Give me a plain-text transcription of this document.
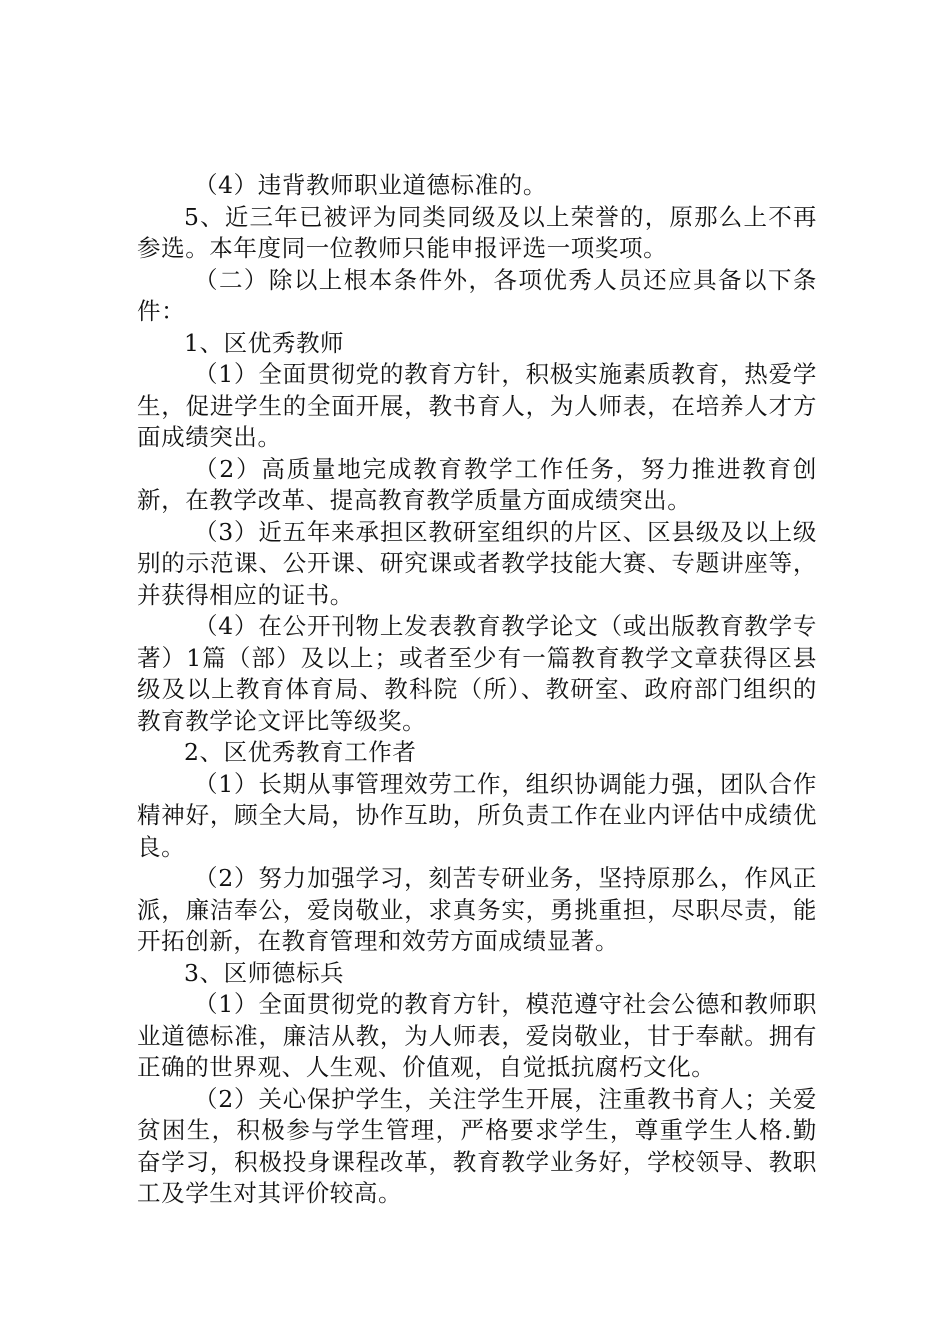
（4）违背教师职业道德标准的。

5、近三年已被评为同类同级及以上荣誉的，原那么上不再参选。本年度同一位教师只能申报评选一项奖项。

（二）除以上根本条件外，各项优秀人员还应具备以下条件：

1、区优秀教师

（1）全面贯彻党的教育方针，积极实施素质教育，热爱学生，促进学生的全面开展，教书育人，为人师表，在培养人才方面成绩突出。

（2）高质量地完成教育教学工作任务，努力推进教育创新，在教学改革、提高教育教学质量方面成绩突出。

（3）近五年来承担区教研室组织的片区、区县级及以上级别的示范课、公开课、研究课或者教学技能大赛、专题讲座等，并获得相应的证书。

（4）在公开刊物上发表教育教学论文（或出版教育教学专著）1篇（部）及以上；或者至少有一篇教育教学文章获得区县级及以上教育体育局、教科院（所）、教研室、政府部门组织的教育教学论文评比等级奖。

2、区优秀教育工作者

（1）长期从事管理效劳工作，组织协调能力强，团队合作精神好，顾全大局，协作互助，所负责工作在业内评估中成绩优良。

（2）努力加强学习，刻苦专研业务，坚持原那么，作风正派，廉洁奉公，爱岗敬业，求真务实，勇挑重担，尽职尽责，能开拓创新，在教育管理和效劳方面成绩显著。

3、区师德标兵

（1）全面贯彻党的教育方针，模范遵守社会公德和教师职业道德标准，廉洁从教，为人师表，爱岗敬业，甘于奉献。拥有正确的世界观、人生观、价值观，自觉抵抗腐朽文化。

（2）关心保护学生，关注学生开展，注重教书育人；关爱贫困生，积极参与学生管理，严格要求学生，尊重学生人格.勤奋学习，积极投身课程改革，教育教学业务好，学校领导、教职工及学生对其评价较高。
